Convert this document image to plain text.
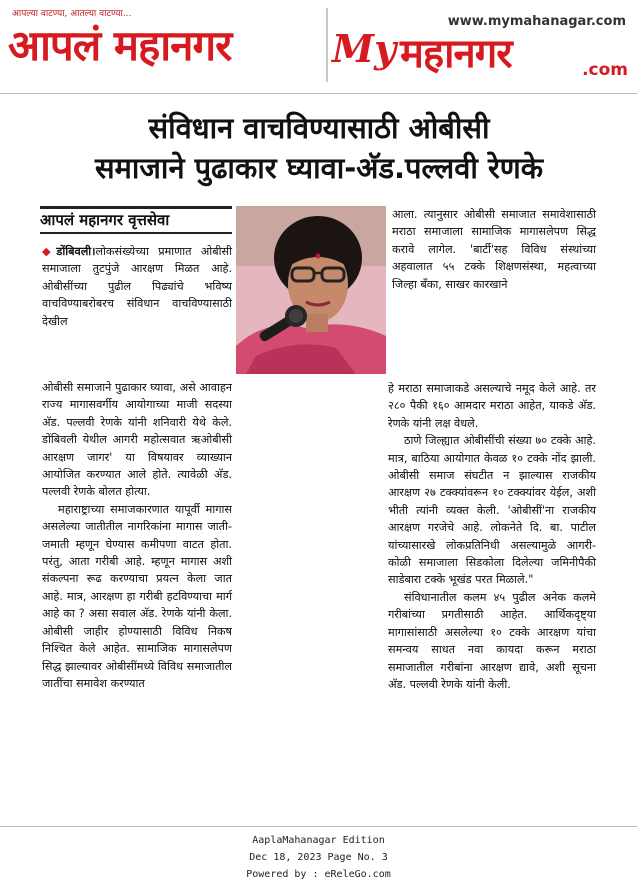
आपल्या वाटण्या, आतल्या वाटण्या...
आपलं महानगर	www.mymahanagar.com
My महानगर	.com
संविधान वाचविण्यासाठी ओबीसी
समाजाने पुढाकार घ्यावा-अ‍ॅड.पल्लवी रेणके
आपलं महानगर वृत्तसेवा

◆डोंबिवली।लोकसंख्येच्या प्रमाणात ओबीसी समाजाला तुटपुंजे आरक्षण मिळत आहे. ओबीसींच्या पुढील पिढ्यांचे भविष्य वाचविण्याबरोबरच संविधान वाचविण्यासाठी देखील

आला. त्यानुसार ओबीसी समाजात समावेशासाठी मराठा समाजाला सामाजिक मागासलेपण सिद्ध करावे लागेल. 'बार्टी'सह विविध संस्थांच्या अहवालात ५५ टक्के शिक्षणसंस्था, महत्वाच्या जिल्हा बँका, साखर कारखाने

ओबीसी समाजाने पुढाकार घ्यावा, असे आवाहन राज्य मागासवर्गीय आयोगाच्या माजी सदस्या अ‍ॅड. पल्लवी रेणके यांनी शनिवारी येथे केले. डोंबिवली येथील आगरी महोत्सवात ऋओबीसी आरक्षण जागर' या विषयावर व्याख्यान आयोजित करण्यात आले होते. त्यावेळी अ‍ॅड. पल्लवी रेणके बोलत होत्या.

महाराष्ट्राच्या समाजकारणात यापूर्वी मागास असलेल्या जातीतील नागरिकांना मागास जाती-जमाती म्हणून घेण्यास कमीपणा वाटत होता. परंतु, आता गरीबी आहे. म्हणून मागास अशी संकल्पना रूढ करण्याचा प्रयत्न केला जात आहे. मात्र, आरक्षण हा गरीबी हटविण्याचा मार्ग आहे का ? असा सवाल अ‍ॅड. रेणके यांनी केला. ओबीसी जाहीर होण्यासाठी विविध निकष निश्चित केले आहेत. सामाजिक मागासलेपण सिद्ध झाल्यावर ओबीसींमध्ये विविध समाजातील जातींचा समावेश करण्यात

हे मराठा समाजाकडे असल्याचे नमूद केले आहे. तर २८० पैकी १६० आमदार मराठा आहेत, याकडे अ‍ॅड. रेणके यांनी लक्ष वेधले.

ठाणे जिल्ह्यात ओबीसींची संख्या ७० टक्के आहे. मात्र, बाठिया आयोगात केवळ १० टक्के नोंद झाली. ओबीसी समाज संघटीत न झाल्यास राजकीय आरक्षण २७ टक्क्यांवरून १० टक्क्यांवर येईल, अशी भीती त्यांनी व्यक्त केली. 'ओबीसीं'ना राजकीय आरक्षण गरजेचे आहे. लोकनेते दि. बा. पाटील यांच्यासारखे लोकप्रतिनिधी असल्यामुळे आगरी-कोळी समाजाला सिडकोला दिलेल्या जमिनीपैकी साडेबारा टक्के भूखंड परत मिळाले."

संविधानातील कलम ४५ पुढील अनेक कलमे गरीबांच्या प्रगतीसाठी आहेत. आर्थिकदृष्ट्या मागासांसाठी असलेल्या १० टक्के आरक्षण यांचा समन्वय साधत नवा कायदा करून मराठा समाजातील गरीबांना आरक्षण द्यावे, अशी सूचना अ‍ॅड. पल्लवी रेणके यांनी केली.

AaplaMahanagar Edition
Dec 18, 2023 Page No. 3
Powered by : eReleGo.com
